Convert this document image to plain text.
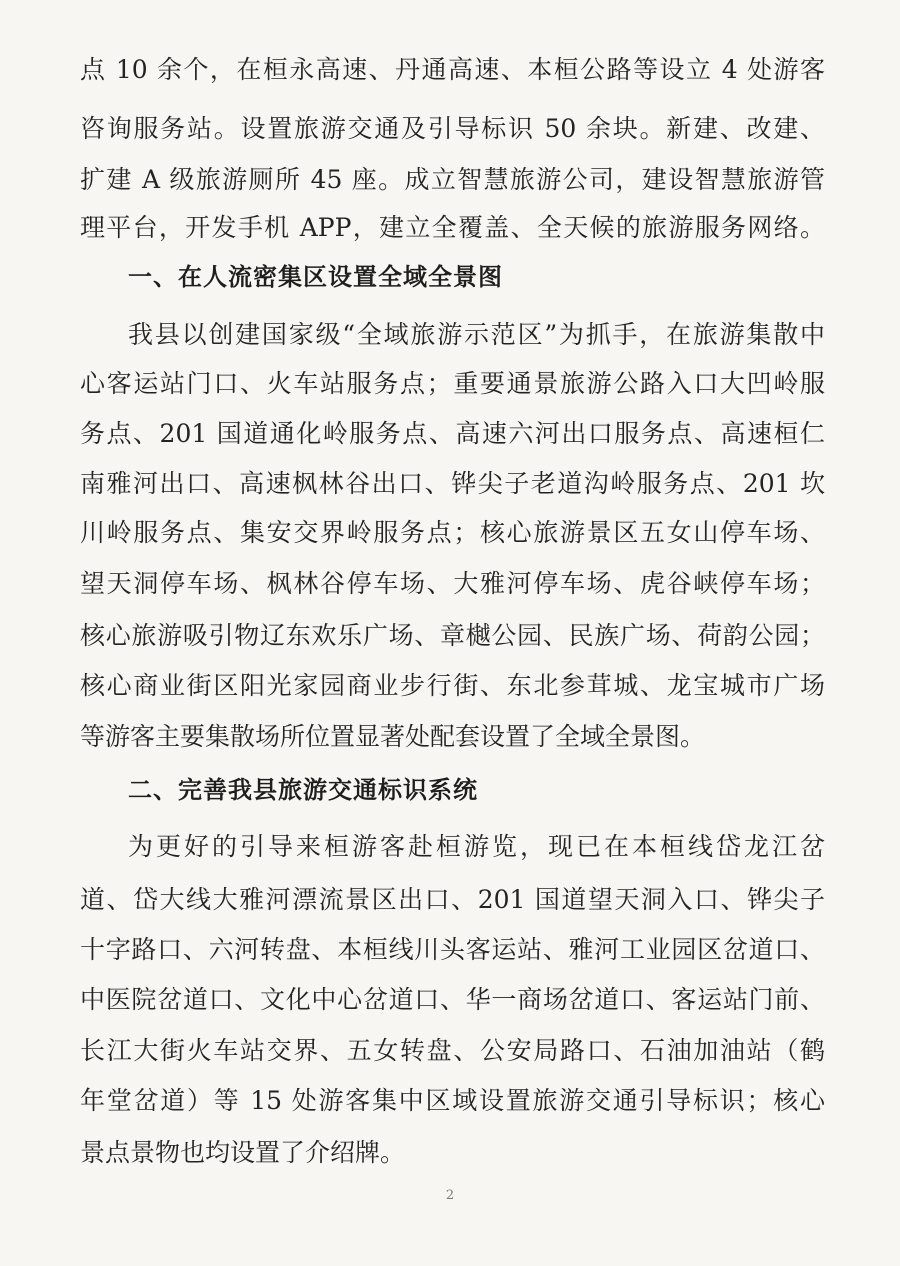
点 10 余个，在桓永高速、丹通高速、本桓公路等设立 4 处游客

咨询服务站。设置旅游交通及引导标识 50 余块。新建、改建、

扩建 A 级旅游厕所 45 座。成立智慧旅游公司，建设智慧旅游管

理平台，开发手机 APP，建立全覆盖、全天候的旅游服务网络。

一、在人流密集区设置全域全景图

我县以创建国家级“全域旅游示范区”为抓手，在旅游集散中

心客运站门口、火车站服务点；重要通景旅游公路入口大凹岭服

务点、201 国道通化岭服务点、高速六河出口服务点、高速桓仁

南雅河出口、高速枫林谷出口、铧尖子老道沟岭服务点、201 坎

川岭服务点、集安交界岭服务点；核心旅游景区五女山停车场、

望天洞停车场、枫林谷停车场、大雅河停车场、虎谷峡停车场；

核心旅游吸引物辽东欢乐广场、章樾公园、民族广场、荷韵公园；

核心商业街区阳光家园商业步行街、东北参茸城、龙宝城市广场

等游客主要集散场所位置显著处配套设置了全域全景图。

二、完善我县旅游交通标识系统

为更好的引导来桓游客赴桓游览，现已在本桓线岱龙江岔

道、岱大线大雅河漂流景区出口、201 国道望天洞入口、铧尖子

十字路口、六河转盘、本桓线川头客运站、雅河工业园区岔道口、

中医院岔道口、文化中心岔道口、华一商场岔道口、客运站门前、

长江大街火车站交界、五女转盘、公安局路口、石油加油站（鹤

年堂岔道）等 15 处游客集中区域设置旅游交通引导标识；核心

景点景物也均设置了介绍牌。

2
